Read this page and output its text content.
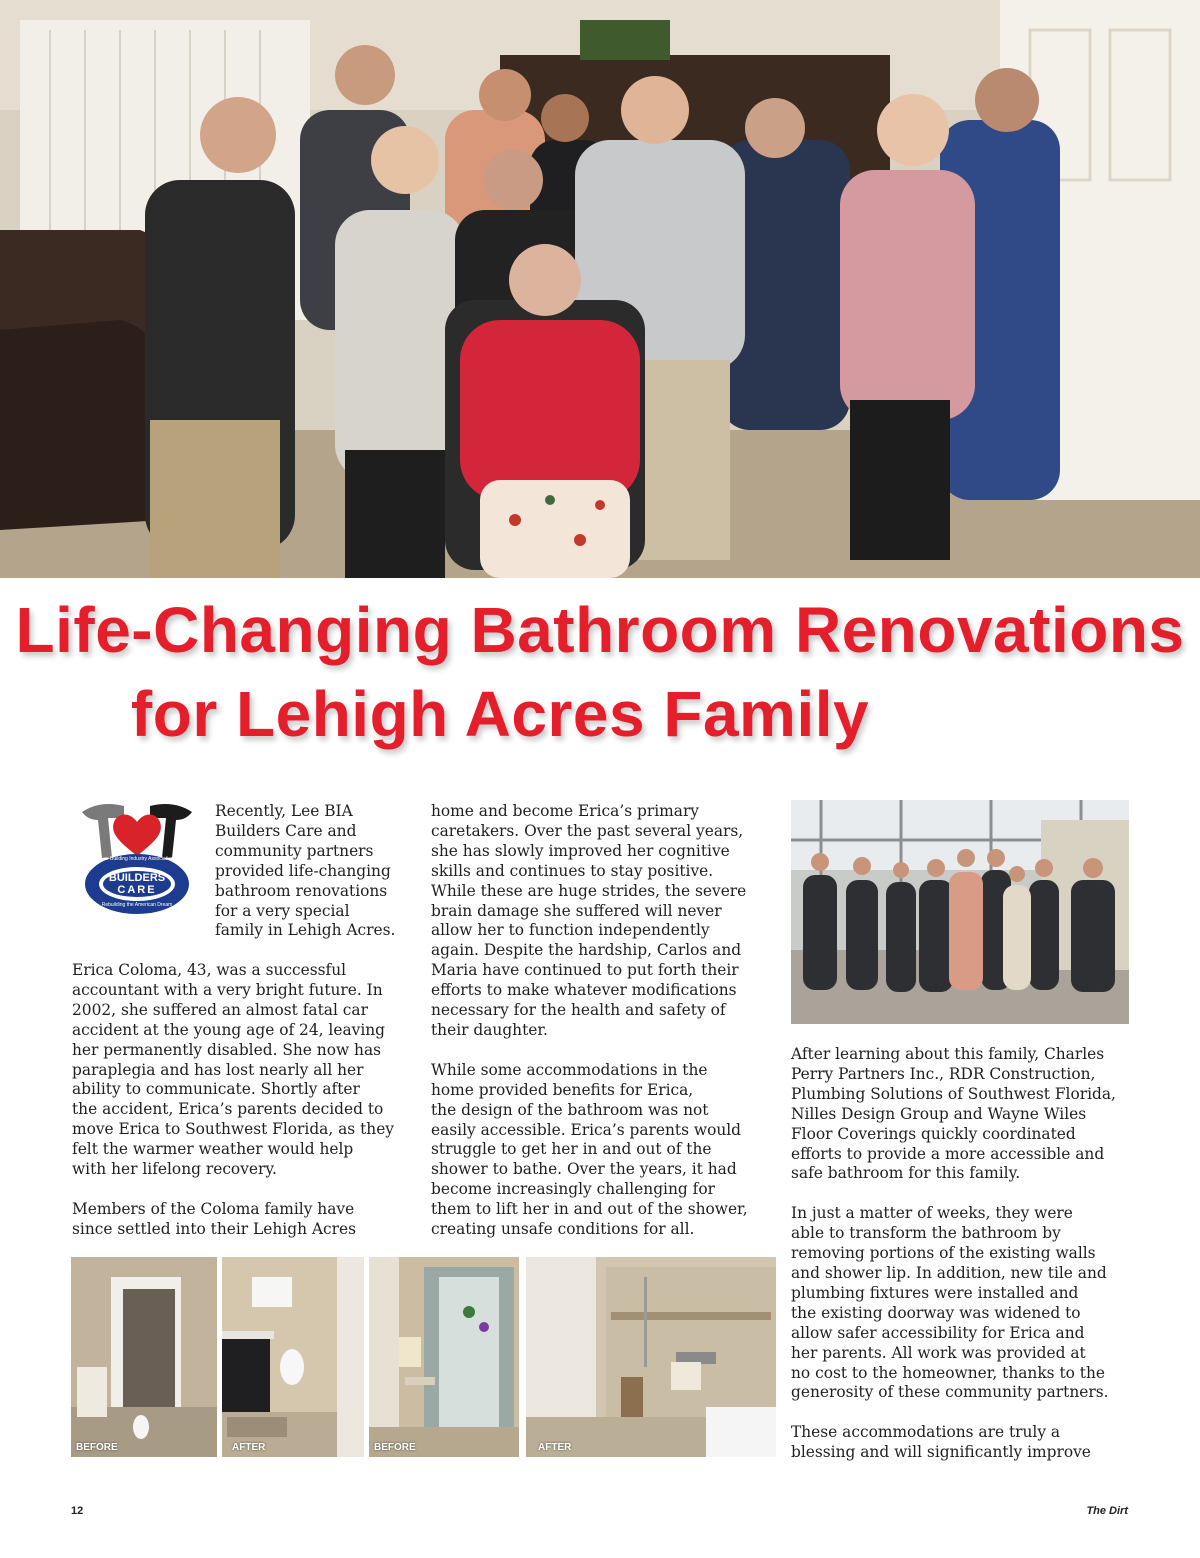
Life-Changing Bathroom Renovations
for Lehigh Acres Family
Lee Building Industry Association
BUILDERS
CARE
Rebuilding the American Dream

Recently, Lee BIA
Builders Care and
community partners
provided life-changing
bathroom renovations
for a very special
family in Lehigh Acres.

Erica Coloma, 43, was a successful
accountant with a very bright future. In
2002, she suffered an almost fatal car
accident at the young age of 24, leaving
her permanently disabled. She now has
paraplegia and has lost nearly all her
ability to communicate. Shortly after
the accident, Erica’s parents decided to
move Erica to Southwest Florida, as they
felt the warmer weather would help
with her lifelong recovery.

Members of the Coloma family have
since settled into their Lehigh Acres

home and become Erica’s primary
caretakers. Over the past several years,
she has slowly improved her cognitive
skills and continues to stay positive.
While these are huge strides, the severe
brain damage she suffered will never
allow her to function independently
again. Despite the hardship, Carlos and
Maria have continued to put forth their
efforts to make whatever modifications
necessary for the health and safety of
their daughter.

While some accommodations in the
home provided benefits for Erica,
the design of the bathroom was not
easily accessible. Erica’s parents would
struggle to get her in and out of the
shower to bathe. Over the years, it had
become increasingly challenging for
them to lift her in and out of the shower,
creating unsafe conditions for all.

After learning about this family, Charles
Perry Partners Inc., RDR Construction,
Plumbing Solutions of Southwest Florida,
Nilles Design Group and Wayne Wiles
Floor Coverings quickly coordinated
efforts to provide a more accessible and
safe bathroom for this family.

In just a matter of weeks, they were
able to transform the bathroom by
removing portions of the existing walls
and shower lip. In addition, new tile and
plumbing fixtures were installed and
the existing doorway was widened to
allow safer accessibility for Erica and
her parents. All work was provided at
no cost to the homeowner, thanks to the
generosity of these community partners.

These accommodations are truly a
blessing and will significantly improve

BEFORE	AFTER	BEFORE	AFTER
12	The Dirt
